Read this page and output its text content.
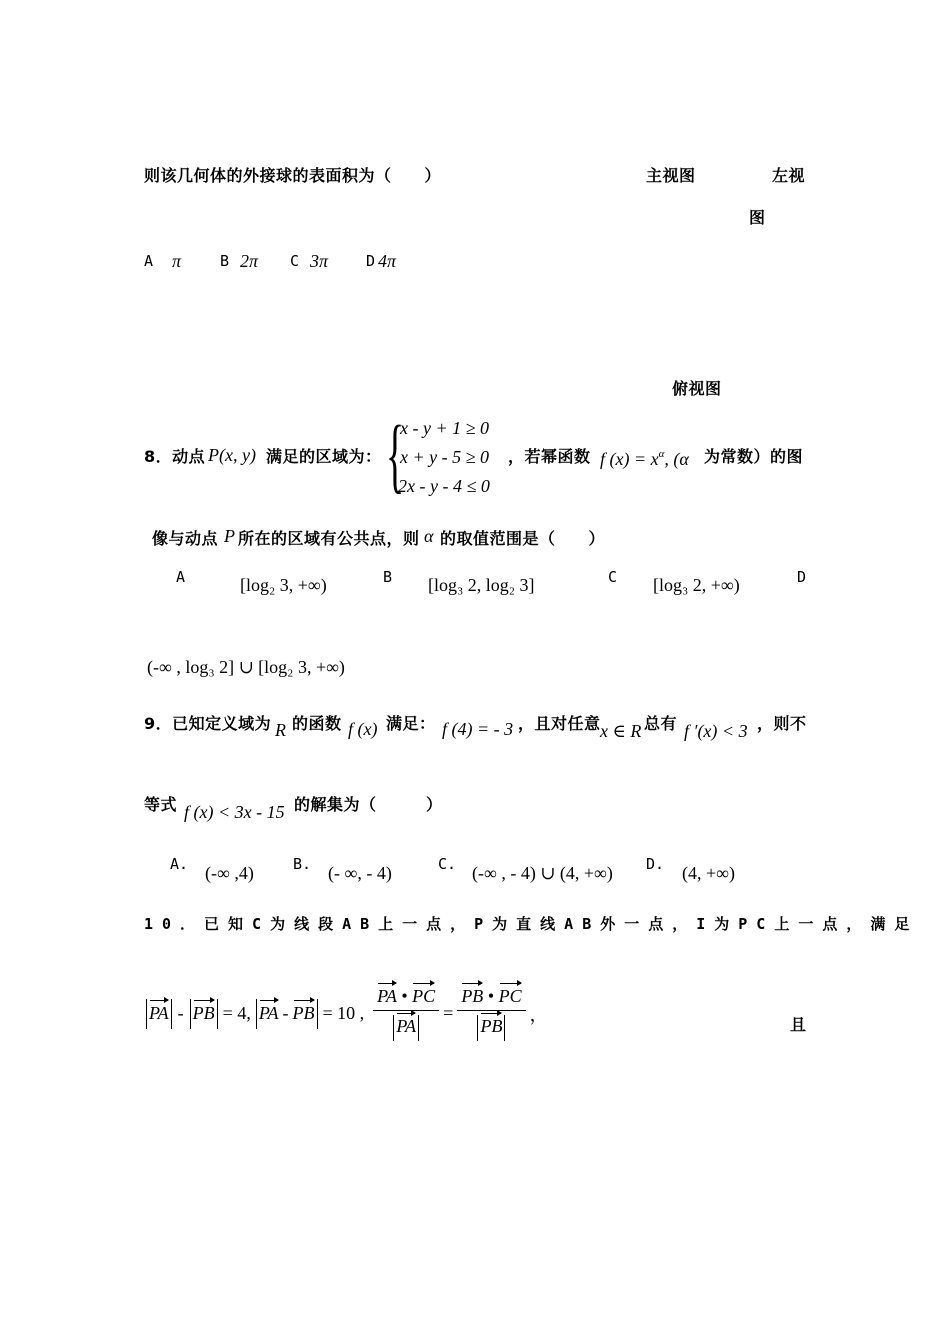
则该几何体的外接球的表面积为（　　）	主视图	左视
图
俯视图
A π	B 2π C 3π	D 4π
8．动点 P(x, y) 满足的区域为： {
x - y + 1 ≥ 0
x + y - 5 ≥ 0
2x - y - 4 ≤ 0
，若幂函数 f $(x) = x^\alpha$, (α 为常数）的图
像与动点 P 所在的区域有公共点，则 α 的取值范围是（　　）
A	[log₂ 3, +∞)	B [log₃ 2, log₂ 3]	C [log₃ 2, +∞)	D
(-∞ , log₃ 2] ∪ [log₂ 3, +∞)
9．已知定义域为 R 的函数 f (x) 满足： f (4) = - 3 ，且对任意 x ∈ R 总有 f ′(x) < 3 ，则不
等式 f (x) < 3x - 15 的解集为（　　　）
A. (-∞ ,4)	B. (- ∞, - 4)	C. (-∞ , - 4) ∪ (4, +∞) D. (4, +∞)
10．已知C为线段AB上一点，P为直线AB外一点，I为PC上一点，满足
PA - PB = 4, PA - PB = 10 , $\frac{PA • PC}{PA} = \frac{PB • PC}{PB}$ ，	且
